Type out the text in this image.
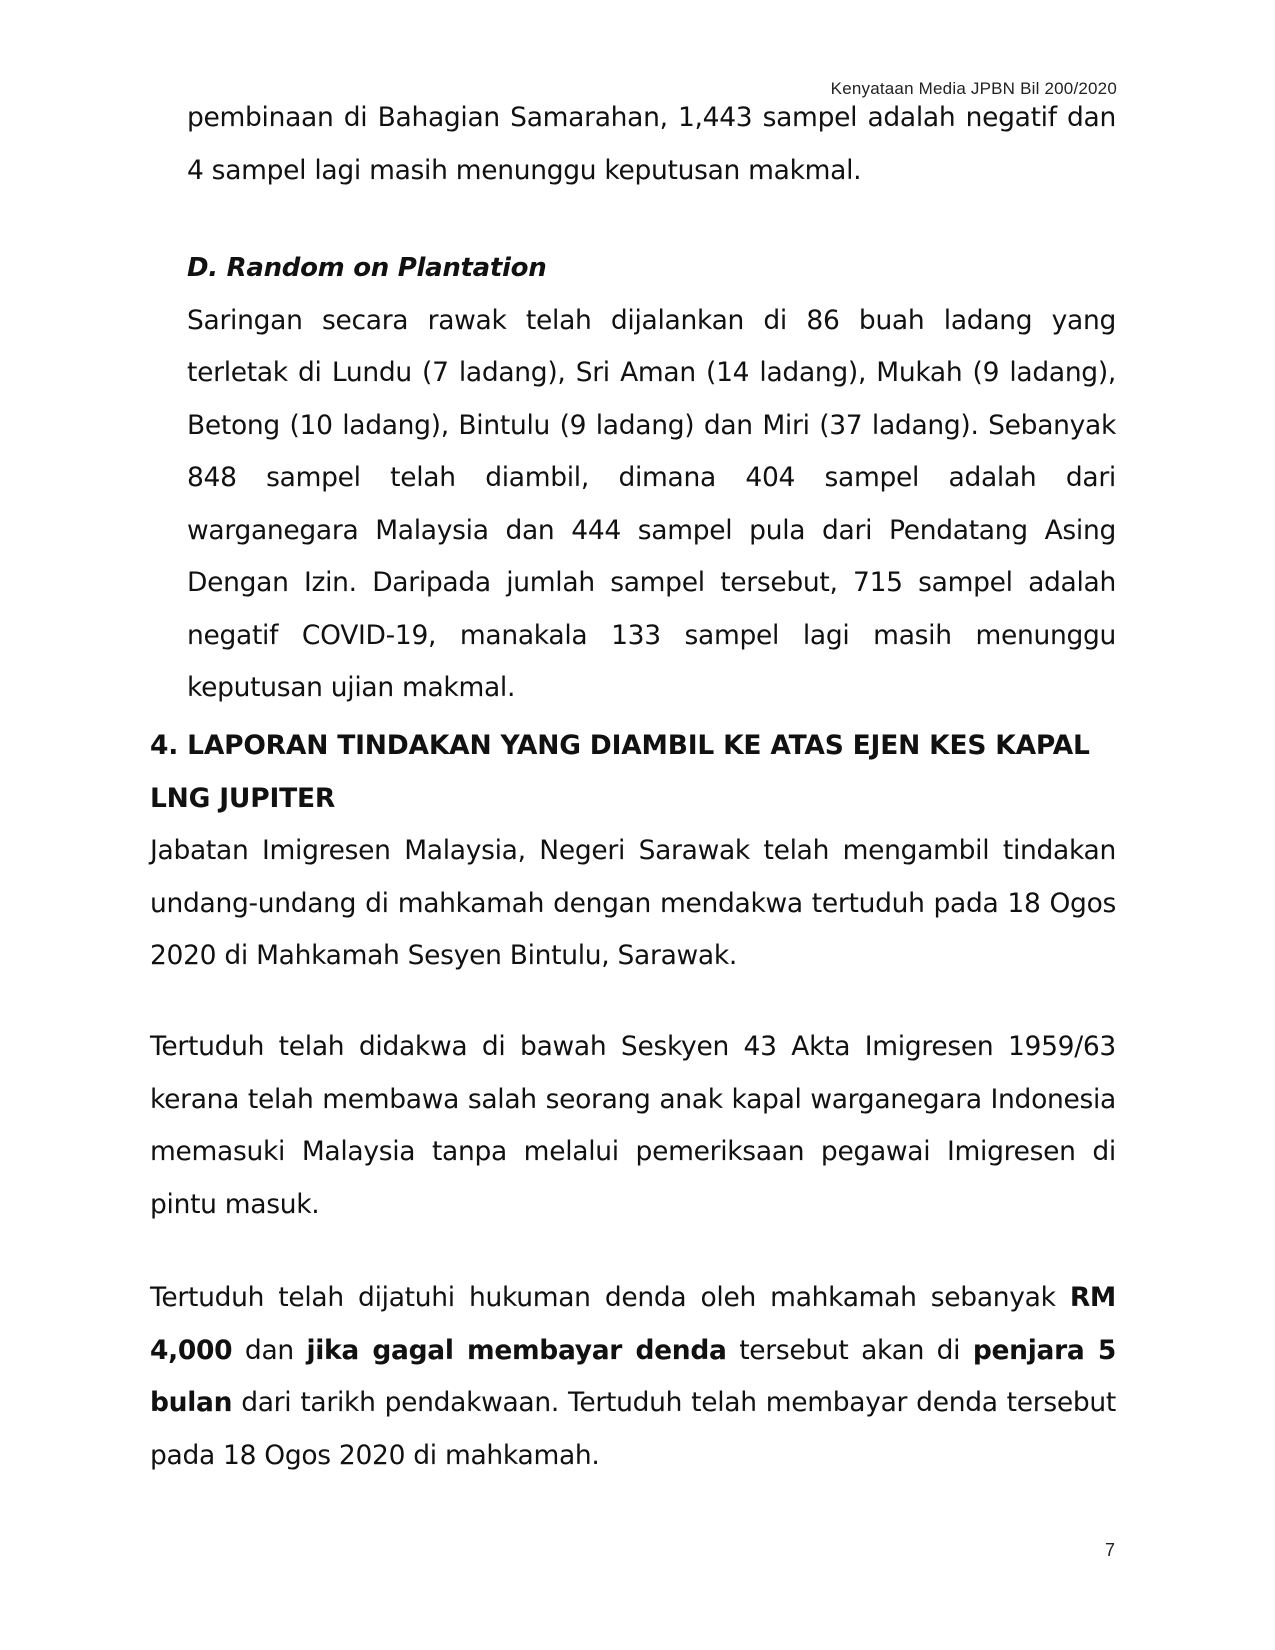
Kenyataan Media JPBN Bil 200/2020

pembinaan di Bahagian Samarahan, 1,443 sampel adalah negatif dan 4 sampel lagi masih menunggu keputusan makmal.

D. Random on Plantation

Saringan secara rawak telah dijalankan di 86 buah ladang yang terletak di Lundu (7 ladang), Sri Aman (14 ladang), Mukah (9 ladang), Betong (10 ladang), Bintulu (9 ladang) dan Miri (37 ladang). Sebanyak 848 sampel telah diambil, dimana 404 sampel adalah dari warganegara Malaysia dan 444 sampel pula dari Pendatang Asing Dengan Izin. Daripada jumlah sampel tersebut, 715 sampel adalah negatif COVID-19, manakala 133 sampel lagi masih menunggu keputusan ujian makmal.

4. LAPORAN TINDAKAN YANG DIAMBIL KE ATAS EJEN KES KAPAL LNG JUPITER

Jabatan Imigresen Malaysia, Negeri Sarawak telah mengambil tindakan undang-undang di mahkamah dengan mendakwa tertuduh pada 18 Ogos 2020 di Mahkamah Sesyen Bintulu, Sarawak.

Tertuduh telah didakwa di bawah Seskyen 43 Akta Imigresen 1959/63 kerana telah membawa salah seorang anak kapal warganegara Indonesia memasuki Malaysia tanpa melalui pemeriksaan pegawai Imigresen di pintu masuk.

Tertuduh telah dijatuhi hukuman denda oleh mahkamah sebanyak RM 4,000 dan jika gagal membayar denda tersebut akan di penjara 5 bulan dari tarikh pendakwaan. Tertuduh telah membayar denda tersebut pada 18 Ogos 2020 di mahkamah.

7
